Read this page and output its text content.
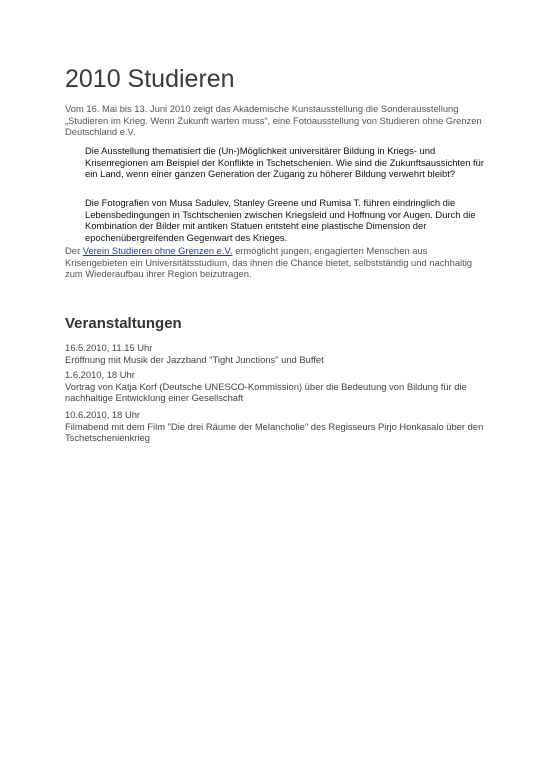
2010 Studieren

Vom 16. Mai bis 13. Juni 2010 zeigt das Akademische Kunstausstellung die Sonderausstellung „Studieren im Krieg. Wenn Zukunft warten muss“, eine Fotoausstellung von Studieren ohne Grenzen Deutschland e.V.

Die Ausstellung thematisiert die (Un-)Möglichkeit universitärer Bildung in Kriegs- und Krisenregionen am Beispiel der Konflikte in Tschetschenien. Wie sind die Zukunftsaussichten für ein Land, wenn einer ganzen Generation der Zugang zu höherer Bildung verwehrt bleibt?

Die Fotografien von Musa Sadulev, Stanley Greene und Rumisa T. führen eindringlich die Lebensbedingungen in Tschtschenien zwischen Kriegsleid und Hoffnung vor Augen. Durch die Kombination der Bilder mit antiken Statuen entsteht eine plastische Dimension der epochenübergreifenden Gegenwart des Krieges.

Der Verein Studieren ohne Grenzen e.V. ermöglicht jungen, engagierten Menschen aus Krisengebieten ein Universitätsstudium, das ihnen die Chance bietet, selbstständig und nachhaltig zum Wiederaufbau ihrer Region beizutragen.

Veranstaltungen
16.5.2010, 11.15 Uhr
Eröffnung mit Musik der Jazzband "Tight Junctions" und Buffet
1.6.2010, 18 Uhr
Vortrag von Katja Korf (Deutsche UNESCO-Kommission) über die Bedeutung von Bildung für die nachhaltige Entwicklung einer Gesellschaft
10.6.2010, 18 Uhr
Filmabend mit dem Film "Die drei Räume der Melancholie" des Regisseurs Pirjo Honkasalo über den Tschetschenienkrieg
